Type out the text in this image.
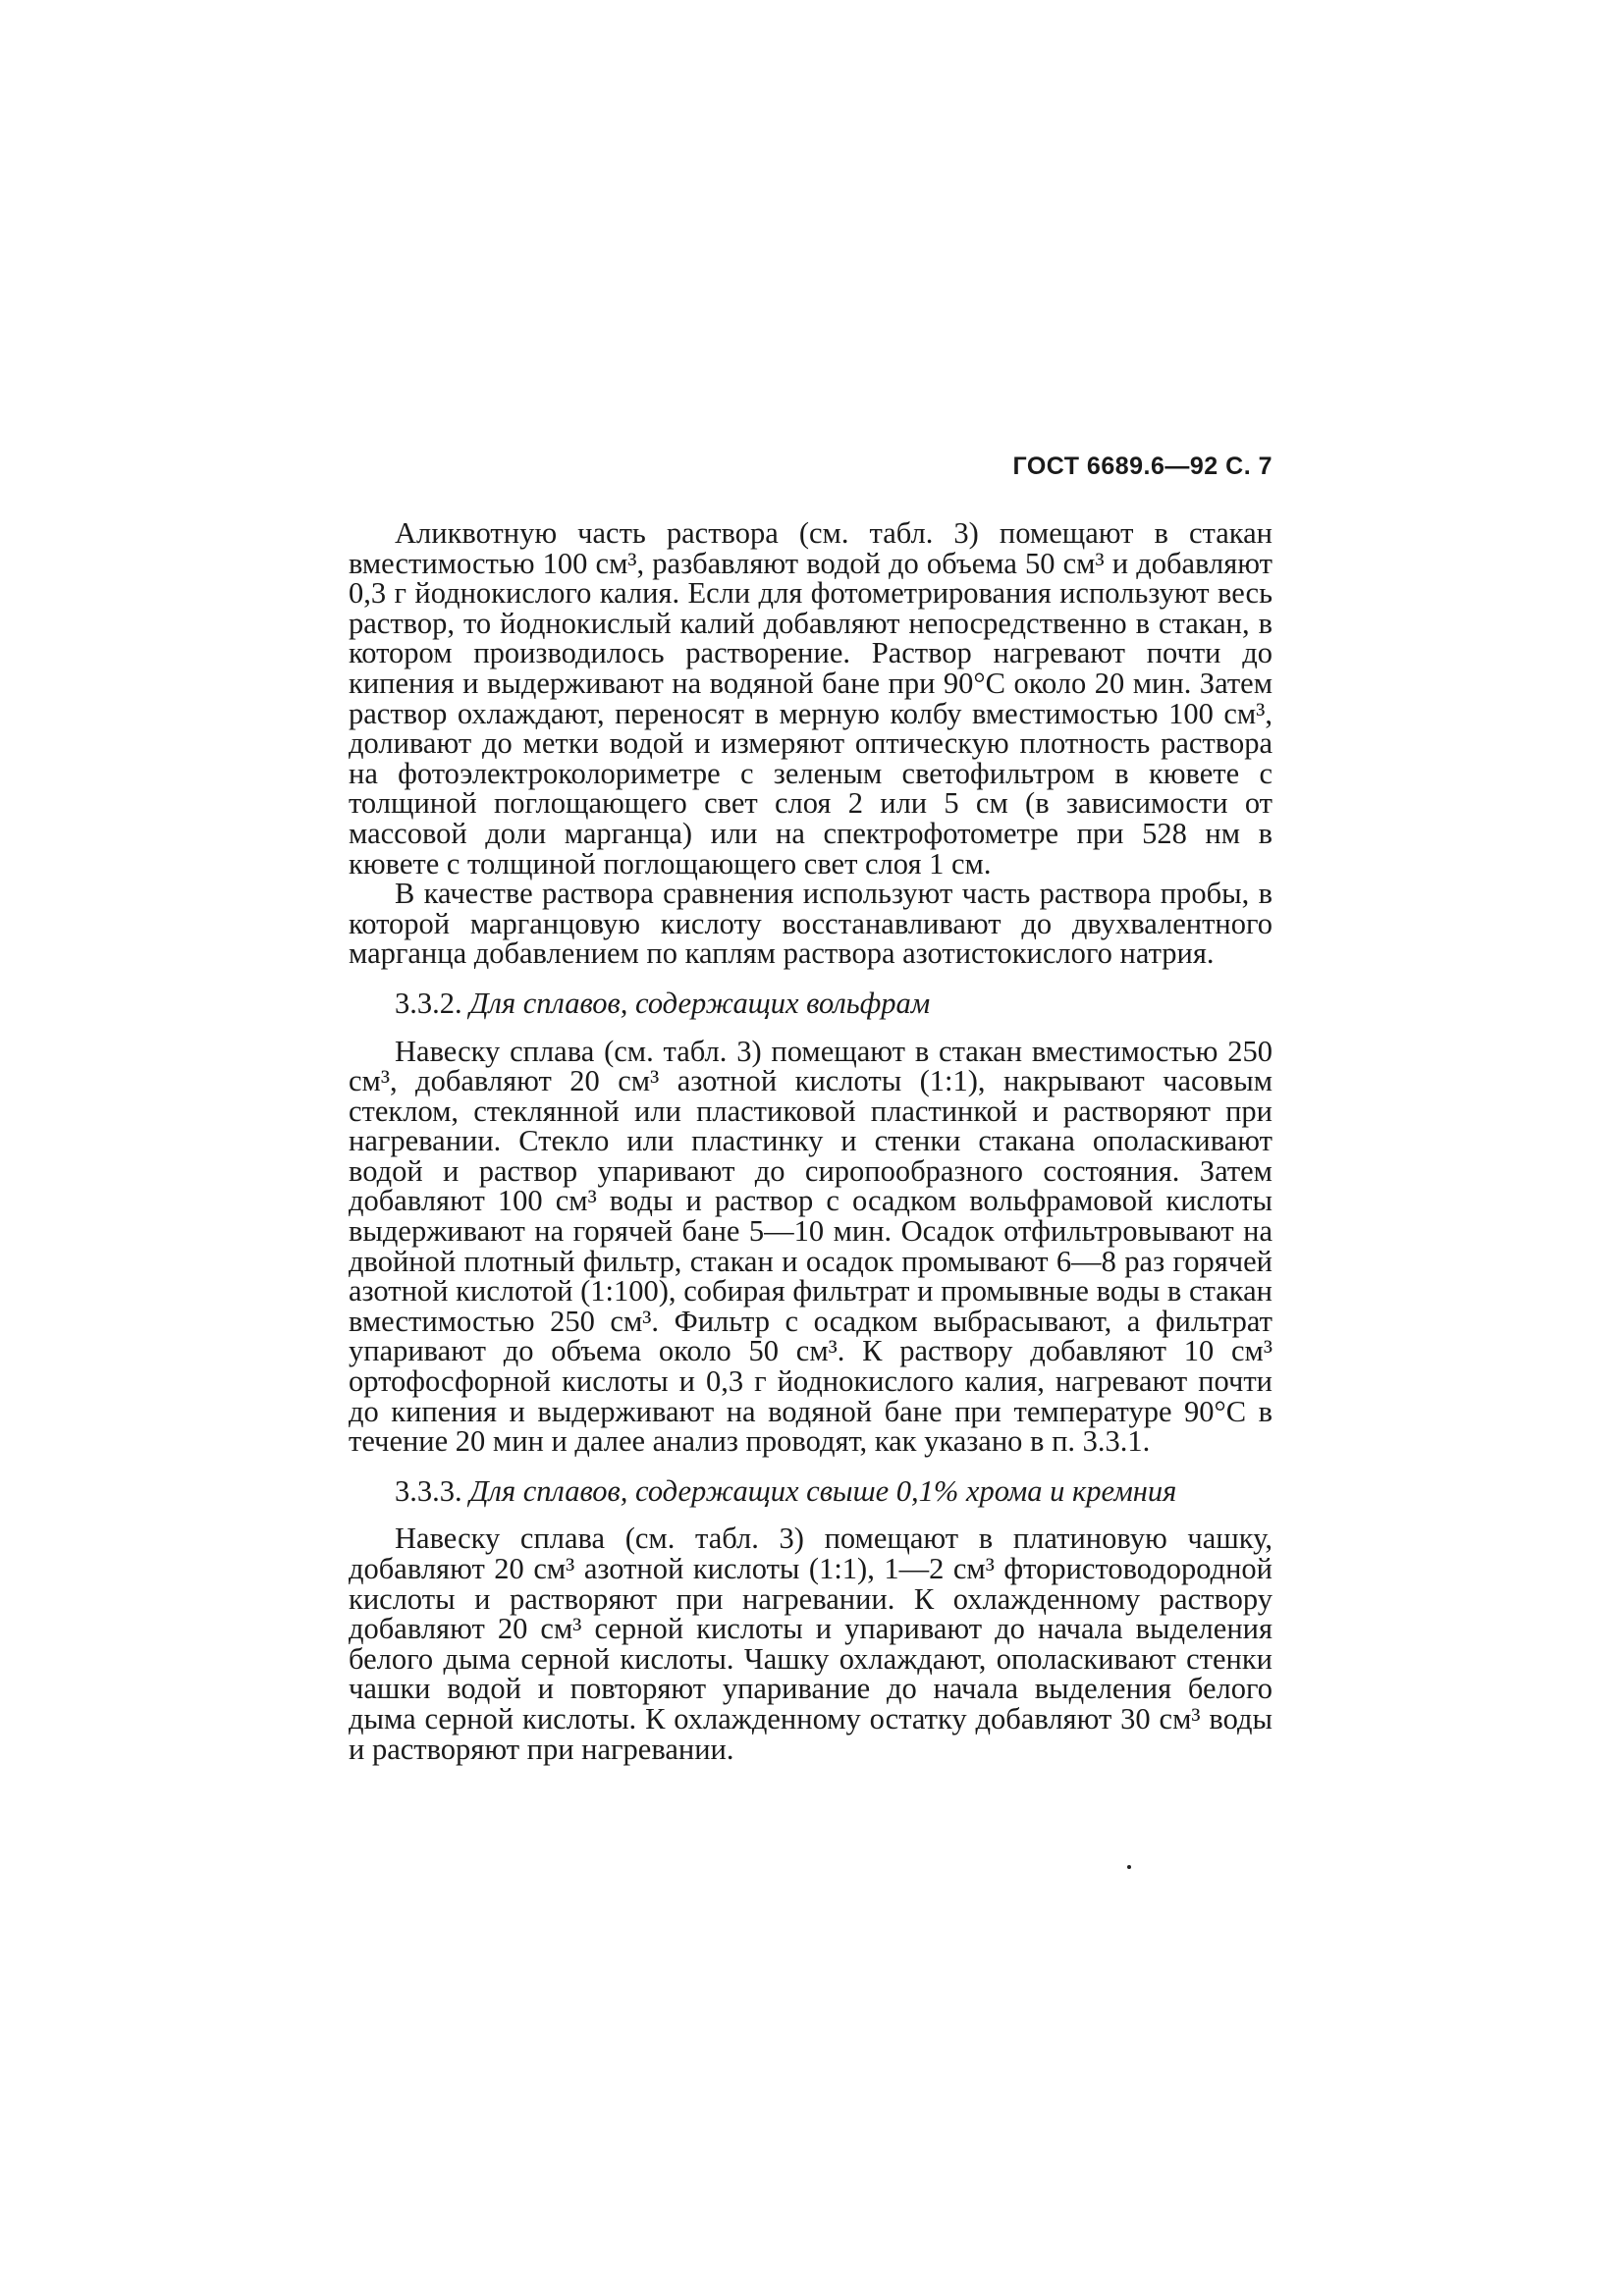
ГОСТ 6689.6—92 С. 7

Аликвотную часть раствора (см. табл. 3) помещают в стакан вместимостью 100 см³, разбавляют водой до объема 50 см³ и добавляют 0,3 г йоднокислого калия. Если для фотометрирования используют весь раствор, то йоднокислый калий добавляют непосредственно в стакан, в котором производилось растворение. Раствор нагревают почти до кипения и выдерживают на водяной бане при 90°С около 20 мин. Затем раствор охлаждают, переносят в мерную колбу вместимостью 100 см³, доливают до метки водой и измеряют оптическую плотность раствора на фотоэлектроколориметре с зеленым светофильтром в кювете с толщиной поглощающего свет слоя 2 или 5 см (в зависимости от массовой доли марганца) или на спектрофотометре при 528 нм в кювете с толщиной поглощающего свет слоя 1 см.

В качестве раствора сравнения используют часть раствора пробы, в которой марганцовую кислоту восстанавливают до двухвалентного марганца добавлением по каплям раствора азотистокислого натрия.

3.3.2. Для сплавов, содержащих вольфрам

Навеску сплава (см. табл. 3) помещают в стакан вместимостью 250 см³, добавляют 20 см³ азотной кислоты (1:1), накрывают часовым стеклом, стеклянной или пластиковой пластинкой и растворяют при нагревании. Стекло или пластинку и стенки стакана ополаскивают водой и раствор упаривают до сиропообразного состояния. Затем добавляют 100 см³ воды и раствор с осадком вольфрамовой кислоты выдерживают на горячей бане 5—10 мин. Осадок отфильтровывают на двойной плотный фильтр, стакан и осадок промывают 6—8 раз горячей азотной кислотой (1:100), собирая фильтрат и промывные воды в стакан вместимостью 250 см³. Фильтр с осадком выбрасывают, а фильтрат упаривают до объема около 50 см³. К раствору добавляют 10 см³ ортофосфорной кислоты и 0,3 г йоднокислого калия, нагревают почти до кипения и выдерживают на водяной бане при температуре 90°С в течение 20 мин и далее анализ проводят, как указано в п. 3.3.1.

3.3.3. Для сплавов, содержащих свыше 0,1% хрома и кремния

Навеску сплава (см. табл. 3) помещают в платиновую чашку, добавляют 20 см³ азотной кислоты (1:1), 1—2 см³ фтористоводородной кислоты и растворяют при нагревании. К охлажденному раствору добавляют 20 см³ серной кислоты и упаривают до начала выделения белого дыма серной кислоты. Чашку охлаждают, ополаскивают стенки чашки водой и повторяют упаривание до начала выделения белого дыма серной кислоты. К охлажденному остатку добавляют 30 см³ воды и растворяют при нагревании.
